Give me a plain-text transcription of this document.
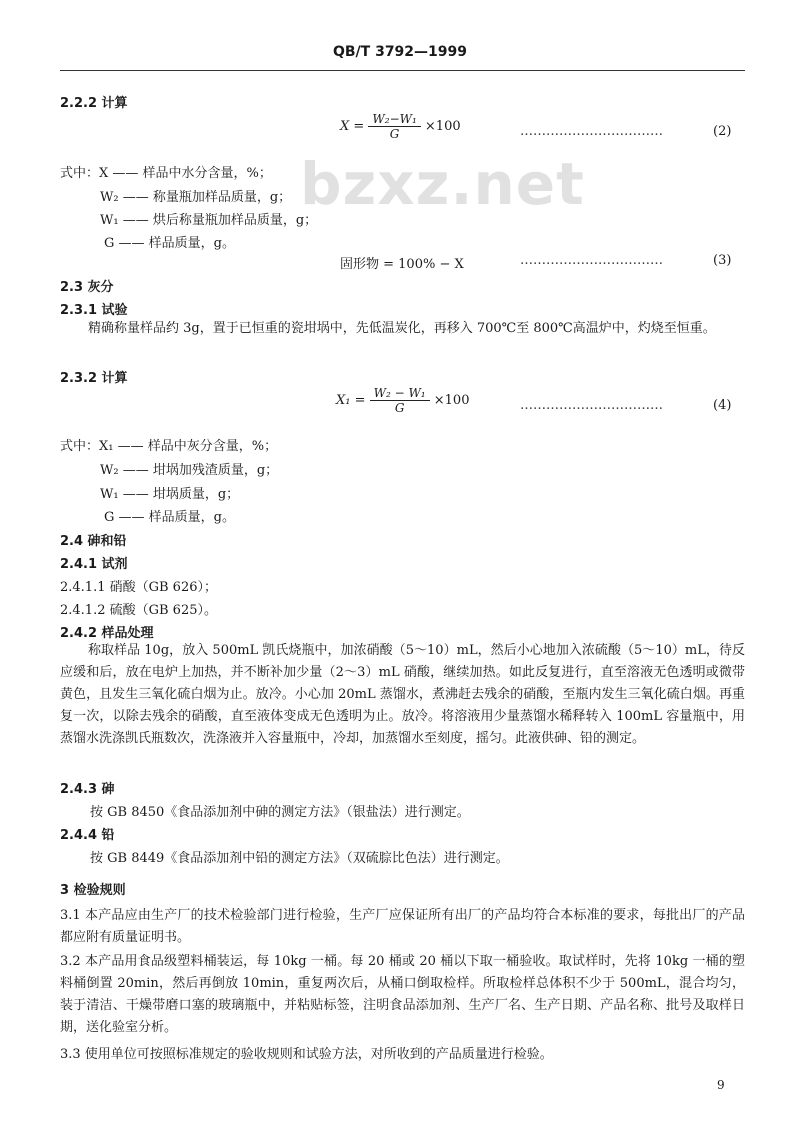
QB/T 3792—1999
bzxz.net
2.2.2 计算
$X = \frac{\text{W₂−W₁}}{G} \times 100$	……………………………	(2)
式中：X —— 样品中水分含量，%；
W₂ —— 称量瓶加样品质量，g；
W₁ —— 烘后称量瓶加样品质量，g；
G —— 样品质量，g。
固形物 = 100% − X	……………………………	(3)
2.3 灰分
2.3.1 试验
精确称量样品约 3g，置于已恒重的瓷坩埚中，先低温炭化，再移入 700℃至 800℃高温炉中，灼烧至恒重。
2.3.2 计算
$X_1 = \frac{\text{W₂ − W₁}}{G} \times 100$	……………………………	(4)
式中：X₁ —— 样品中灰分含量，%；
W₂ —— 坩埚加残渣质量，g；
W₁ —— 坩埚质量，g；
G —— 样品质量，g。
2.4 砷和铅
2.4.1 试剂
2.4.1.1 硝酸（GB 626）；
2.4.1.2 硫酸（GB 625）。
2.4.2 样品处理
称取样品 10g，放入 500mL 凯氏烧瓶中，加浓硝酸（5～10）mL，然后小心地加入浓硫酸（5～10）mL，待反应缓和后，放在电炉上加热，并不断补加少量（2～3）mL 硝酸，继续加热。如此反复进行，直至溶液无色透明或微带黄色，且发生三氧化硫白烟为止。放冷。小心加 20mL 蒸馏水，煮沸赶去残余的硝酸，至瓶内发生三氧化硫白烟。再重复一次，以除去残余的硝酸，直至液体变成无色透明为止。放冷。将溶液用少量蒸馏水稀释转入 100mL 容量瓶中，用蒸馏水洗涤凯氏瓶数次，洗涤液并入容量瓶中，冷却，加蒸馏水至刻度，摇匀。此液供砷、铅的测定。
2.4.3 砷
按 GB 8450《食品添加剂中砷的测定方法》（银盐法）进行测定。
2.4.4 铅
按 GB 8449《食品添加剂中铅的测定方法》（双硫腙比色法）进行测定。
3 检验规则
3.1 本产品应由生产厂的技术检验部门进行检验，生产厂应保证所有出厂的产品均符合本标准的要求，每批出厂的产品都应附有质量证明书。
3.2 本产品用食品级塑料桶装运，每 10kg 一桶。每 20 桶或 20 桶以下取一桶验收。取试样时，先将 10kg 一桶的塑料桶倒置 20min，然后再倒放 10min，重复两次后，从桶口倒取检样。所取检样总体积不少于 500mL，混合均匀，装于清洁、干燥带磨口塞的玻璃瓶中，并粘贴标签，注明食品添加剂、生产厂名、生产日期、产品名称、批号及取样日期，送化验室分析。
3.3 使用单位可按照标准规定的验收规则和试验方法，对所收到的产品质量进行检验。
9
